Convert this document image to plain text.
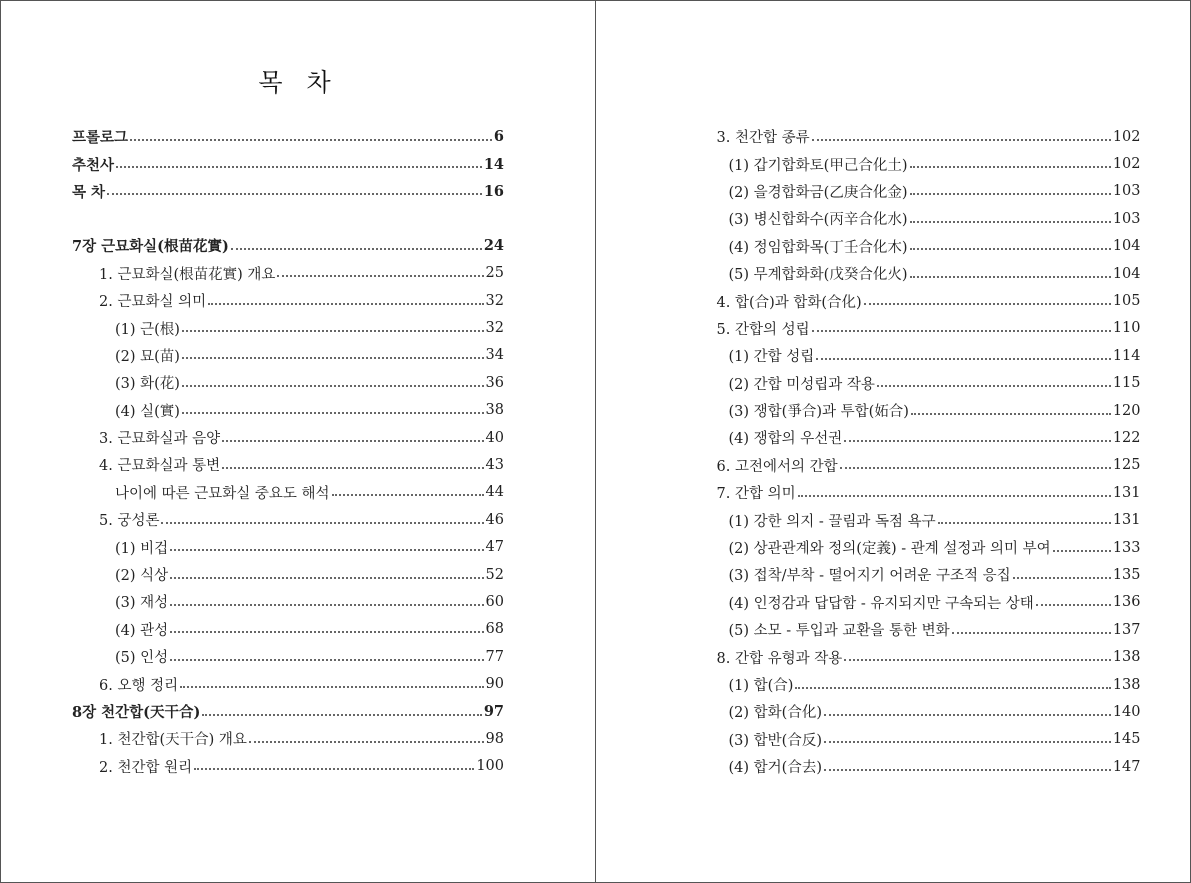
목 차
프롤로그	6
추천사	14
목 차	16
7장 근묘화실(根苗花實)	24
1. 근묘화실(根苗花實) 개요	25
2. 근묘화실 의미	32
(1) 근(根)	32
(2) 묘(苗)	34
(3) 화(花)	36
(4) 실(實)	38
3. 근묘화실과 음양	40
4. 근묘화실과 통변	43
나이에 따른 근묘화실 중요도 해석	44
5. 궁성론	46
(1) 비겁	47
(2) 식상	52
(3) 재성	60
(4) 관성	68
(5) 인성	77
6. 오행 정리	90
8장 천간합(天干合)	97
1. 천간합(天干合) 개요	98
2. 천간합 원리	100
3. 천간합 종류	102
(1) 갑기합화토(甲己合化土)	102
(2) 을경합화금(乙庚合化金)	103
(3) 병신합화수(丙辛合化水)	103
(4) 정임합화목(丁壬合化木)	104
(5) 무계합화화(戊癸合化火)	104
4. 합(合)과 합화(合化)	105
5. 간합의 성립	110
(1) 간합 성립	114
(2) 간합 미성립과 작용	115
(3) 쟁합(爭合)과 투합(妬合)	120
(4) 쟁합의 우선권	122
6. 고전에서의 간합	125
7. 간합 의미	131
(1) 강한 의지 - 끌림과 독점 욕구	131
(2) 상관관계와 정의(定義) - 관계 설정과 의미 부여	133
(3) 접착/부착 - 떨어지기 어려운 구조적 응집	135
(4) 인정감과 답답함 - 유지되지만 구속되는 상태	136
(5) 소모 - 투입과 교환을 통한 변화	137
8. 간합 유형과 작용	138
(1) 합(合)	138
(2) 합화(合化)	140
(3) 합반(合反)	145
(4) 합거(合去)	147
